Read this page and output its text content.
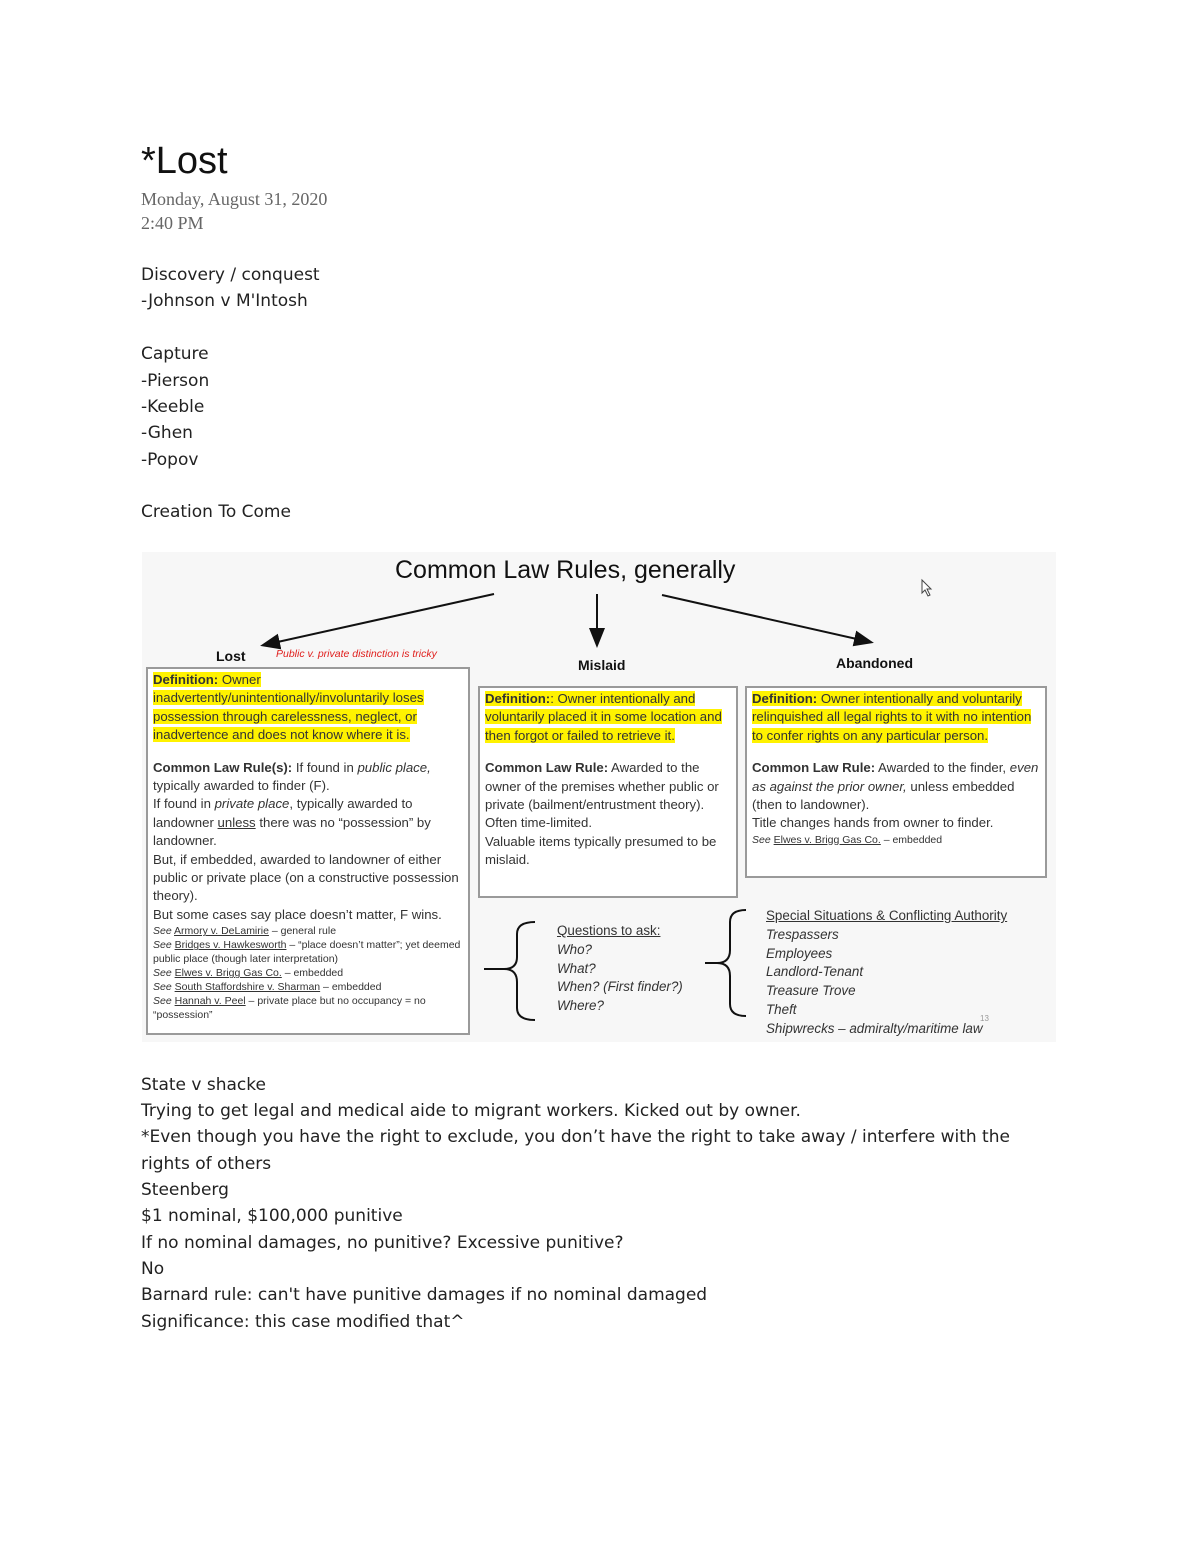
*Lost
Monday, August 31, 2020
2:40 PM
Discovery / conquest
-Johnson v M'Intosh
Capture
-Pierson
-Keeble
-Ghen
-Popov
Creation To Come
Common Law Rules, generally
Lost	Public v. private distinction is tricky
Mislaid	Abandoned
Definition: Owner inadvertently/unintentionally/involuntarily loses possession through carelessness, neglect, or inadvertence and does not know where it is.
Common Law Rule(s): If found in public place, typically awarded to finder (F).
If found in private place, typically awarded to landowner unless there was no “possession” by landowner.
But, if embedded, awarded to landowner of either public or private place (on a constructive possession theory).
But some cases say place doesn’t matter, F wins.
See Armory v. DeLamirie – general rule
See Bridges v. Hawkesworth – “place doesn’t matter”; yet deemed public place (though later interpretation)
See Elwes v. Brigg Gas Co. – embedded
See South Staffordshire v. Sharman – embedded
See Hannah v. Peel – private place but no occupancy = no “possession”
Definition:: Owner intentionally and voluntarily placed it in some location and then forgot or failed to retrieve it.
Common Law Rule: Awarded to the owner of the premises whether public or private (bailment/entrustment theory).
Often time-limited.
Valuable items typically presumed to be mislaid.
Definition: Owner intentionally and voluntarily relinquished all legal rights to it with no intention to confer rights on any particular person.
Common Law Rule: Awarded to the finder, even as against the prior owner, unless embedded (then to landowner).
Title changes hands from owner to finder.
See Elwes v. Brigg Gas Co. – embedded
Questions to ask:
Who?
What?
When? (First finder?)
Where?
Special Situations & Conflicting Authority
Trespassers
Employees
Landlord-Tenant
Treasure Trove
Theft
Shipwrecks – admiralty/maritime law
13
State v shacke
Trying to get legal and medical aide to migrant workers. Kicked out by owner.
*Even though you have the right to exclude, you don’t have the right to take away / interfere with the
rights of others
Steenberg
$1 nominal, $100,000 punitive
If no nominal damages, no punitive? Excessive punitive?
No
Barnard rule: can't have punitive damages if no nominal damaged
Significance: this case modified that^
